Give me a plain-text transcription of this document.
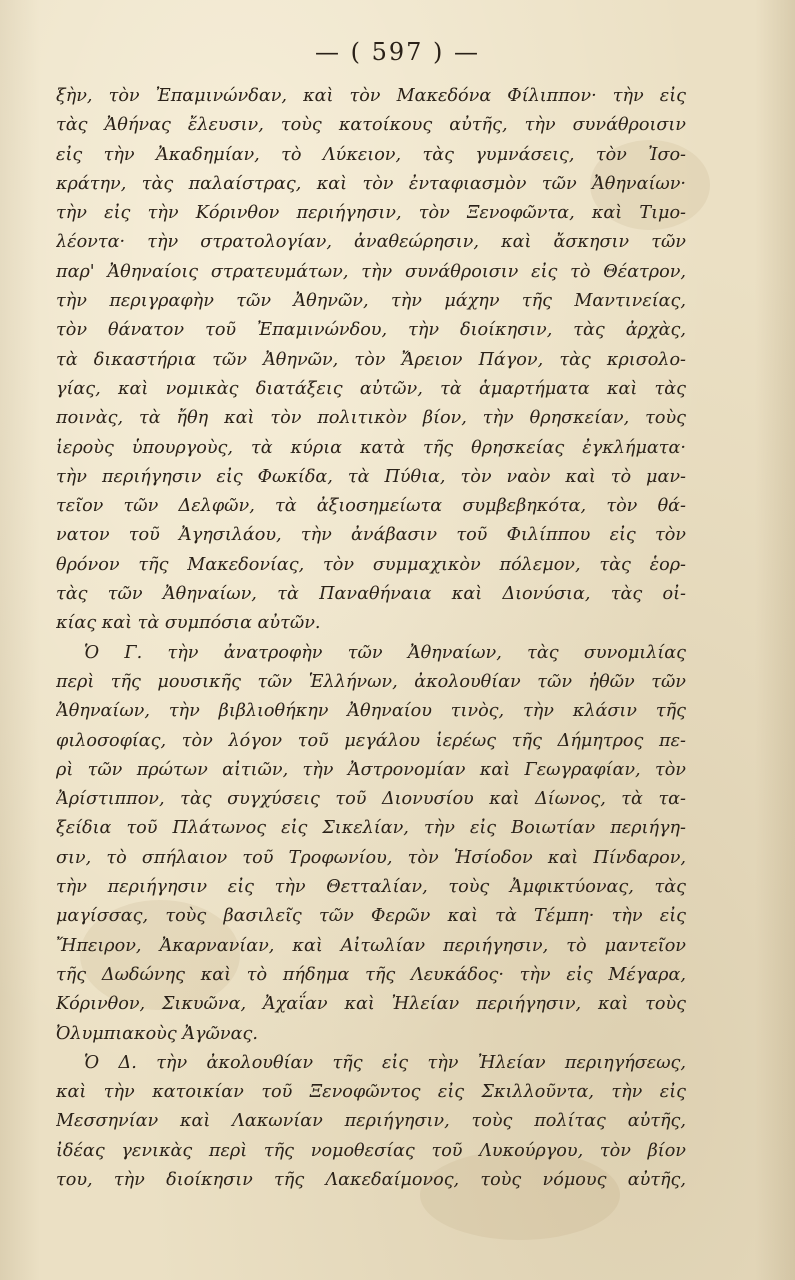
— ( 597 ) —
ξὴν, τὸν Ἐπαμινώνδαν, καὶ τὸν Μακεδόνα Φίλιππον· τὴν εἰς
τὰς Ἀθήνας ἔλευσιν, τοὺς κατοίκους αὐτῆς, τὴν συνάθροισιν
εἰς τὴν Ἀκαδημίαν, τὸ Λύκειον, τὰς γυμνάσεις, τὸν Ἰσο-
κράτην, τὰς παλαίστρας, καὶ τὸν ἐνταφιασμὸν τῶν Ἀθηναίων·
τὴν εἰς τὴν Κόρινθον περιήγησιν, τὸν Ξενοφῶντα, καὶ Τιμο-
λέοντα· τὴν στρατολογίαν, ἀναθεώρησιν, καὶ ἄσκησιν τῶν
παρ' Ἀθηναίοις στρατευμάτων, τὴν συνάθροισιν εἰς τὸ Θέατρον,
τὴν περιγραφὴν τῶν Ἀθηνῶν, τὴν μάχην τῆς Μαντινείας,
τὸν θάνατον τοῦ Ἐπαμινώνδου, τὴν διοίκησιν, τὰς ἀρχὰς,
τὰ δικαστήρια τῶν Ἀθηνῶν, τὸν Ἄρειον Πάγον, τὰς κρισολο-
γίας, καὶ νομικὰς διατάξεις αὐτῶν, τὰ ἁμαρτήματα καὶ τὰς
ποινὰς, τὰ ἤθη καὶ τὸν πολιτικὸν βίον, τὴν θρησκείαν, τοὺς
ἱεροὺς ὑπουργοὺς, τὰ κύρια κατὰ τῆς θρησκείας ἐγκλήματα·
τὴν περιήγησιν εἰς Φωκίδα, τὰ Πύθια, τὸν ναὸν καὶ τὸ μαν-
τεῖον τῶν Δελφῶν, τὰ ἀξιοσημείωτα συμβεβηκότα, τὸν θά-
νατον τοῦ Ἀγησιλάου, τὴν ἀνάβασιν τοῦ Φιλίππου εἰς τὸν
θρόνον τῆς Μακεδονίας, τὸν συμμαχικὸν πόλεμον, τὰς ἑορ-
τὰς τῶν Ἀθηναίων, τὰ Παναθήναια καὶ Διονύσια, τὰς οἰ-
κίας καὶ τὰ συμπόσια αὐτῶν.
Ὁ Γ. τὴν ἀνατροφὴν τῶν Ἀθηναίων, τὰς συνομιλίας
περὶ τῆς μουσικῆς τῶν Ἑλλήνων, ἀκολουθίαν τῶν ἠθῶν τῶν
Ἀθηναίων, τὴν βιβλιοθήκην Ἀθηναίου τινὸς, τὴν κλάσιν τῆς
φιλοσοφίας, τὸν λόγον τοῦ μεγάλου ἱερέως τῆς Δήμητρος πε-
ρὶ τῶν πρώτων αἰτιῶν, τὴν Ἀστρονομίαν καὶ Γεωγραφίαν, τὸν
Ἀρίστιππον, τὰς συγχύσεις τοῦ Διονυσίου καὶ Δίωνος, τὰ τα-
ξείδια τοῦ Πλάτωνος εἰς Σικελίαν, τὴν εἰς Βοιωτίαν περιήγη-
σιν, τὸ σπήλαιον τοῦ Τροφωνίου, τὸν Ἡσίοδον καὶ Πίνδαρον,
τὴν περιήγησιν εἰς τὴν Θετταλίαν, τοὺς Ἀμφικτύονας, τὰς
μαγίσσας, τοὺς βασιλεῖς τῶν Φερῶν καὶ τὰ Τέμπη· τὴν εἰς
Ἤπειρον, Ἀκαρνανίαν, καὶ Αἰτωλίαν περιήγησιν, τὸ μαντεῖον
τῆς Δωδώνης καὶ τὸ πήδημα τῆς Λευκάδος· τὴν εἰς Μέγαρα,
Κόρινθον, Σικυῶνα, Ἀχαΐαν καὶ Ἠλείαν περιήγησιν, καὶ τοὺς
Ὀλυμπιακοὺς Ἀγῶνας.
Ὁ Δ. τὴν ἀκολουθίαν τῆς εἰς τὴν Ἠλείαν περιηγήσεως,
καὶ τὴν κατοικίαν τοῦ Ξενοφῶντος εἰς Σκιλλοῦντα, τὴν εἰς
Μεσσηνίαν καὶ Λακωνίαν περιήγησιν, τοὺς πολίτας αὐτῆς,
ἰδέας γενικὰς περὶ τῆς νομοθεσίας τοῦ Λυκούργου, τὸν βίον
του, τὴν διοίκησιν τῆς Λακεδαίμονος, τοὺς νόμους αὐτῆς,
